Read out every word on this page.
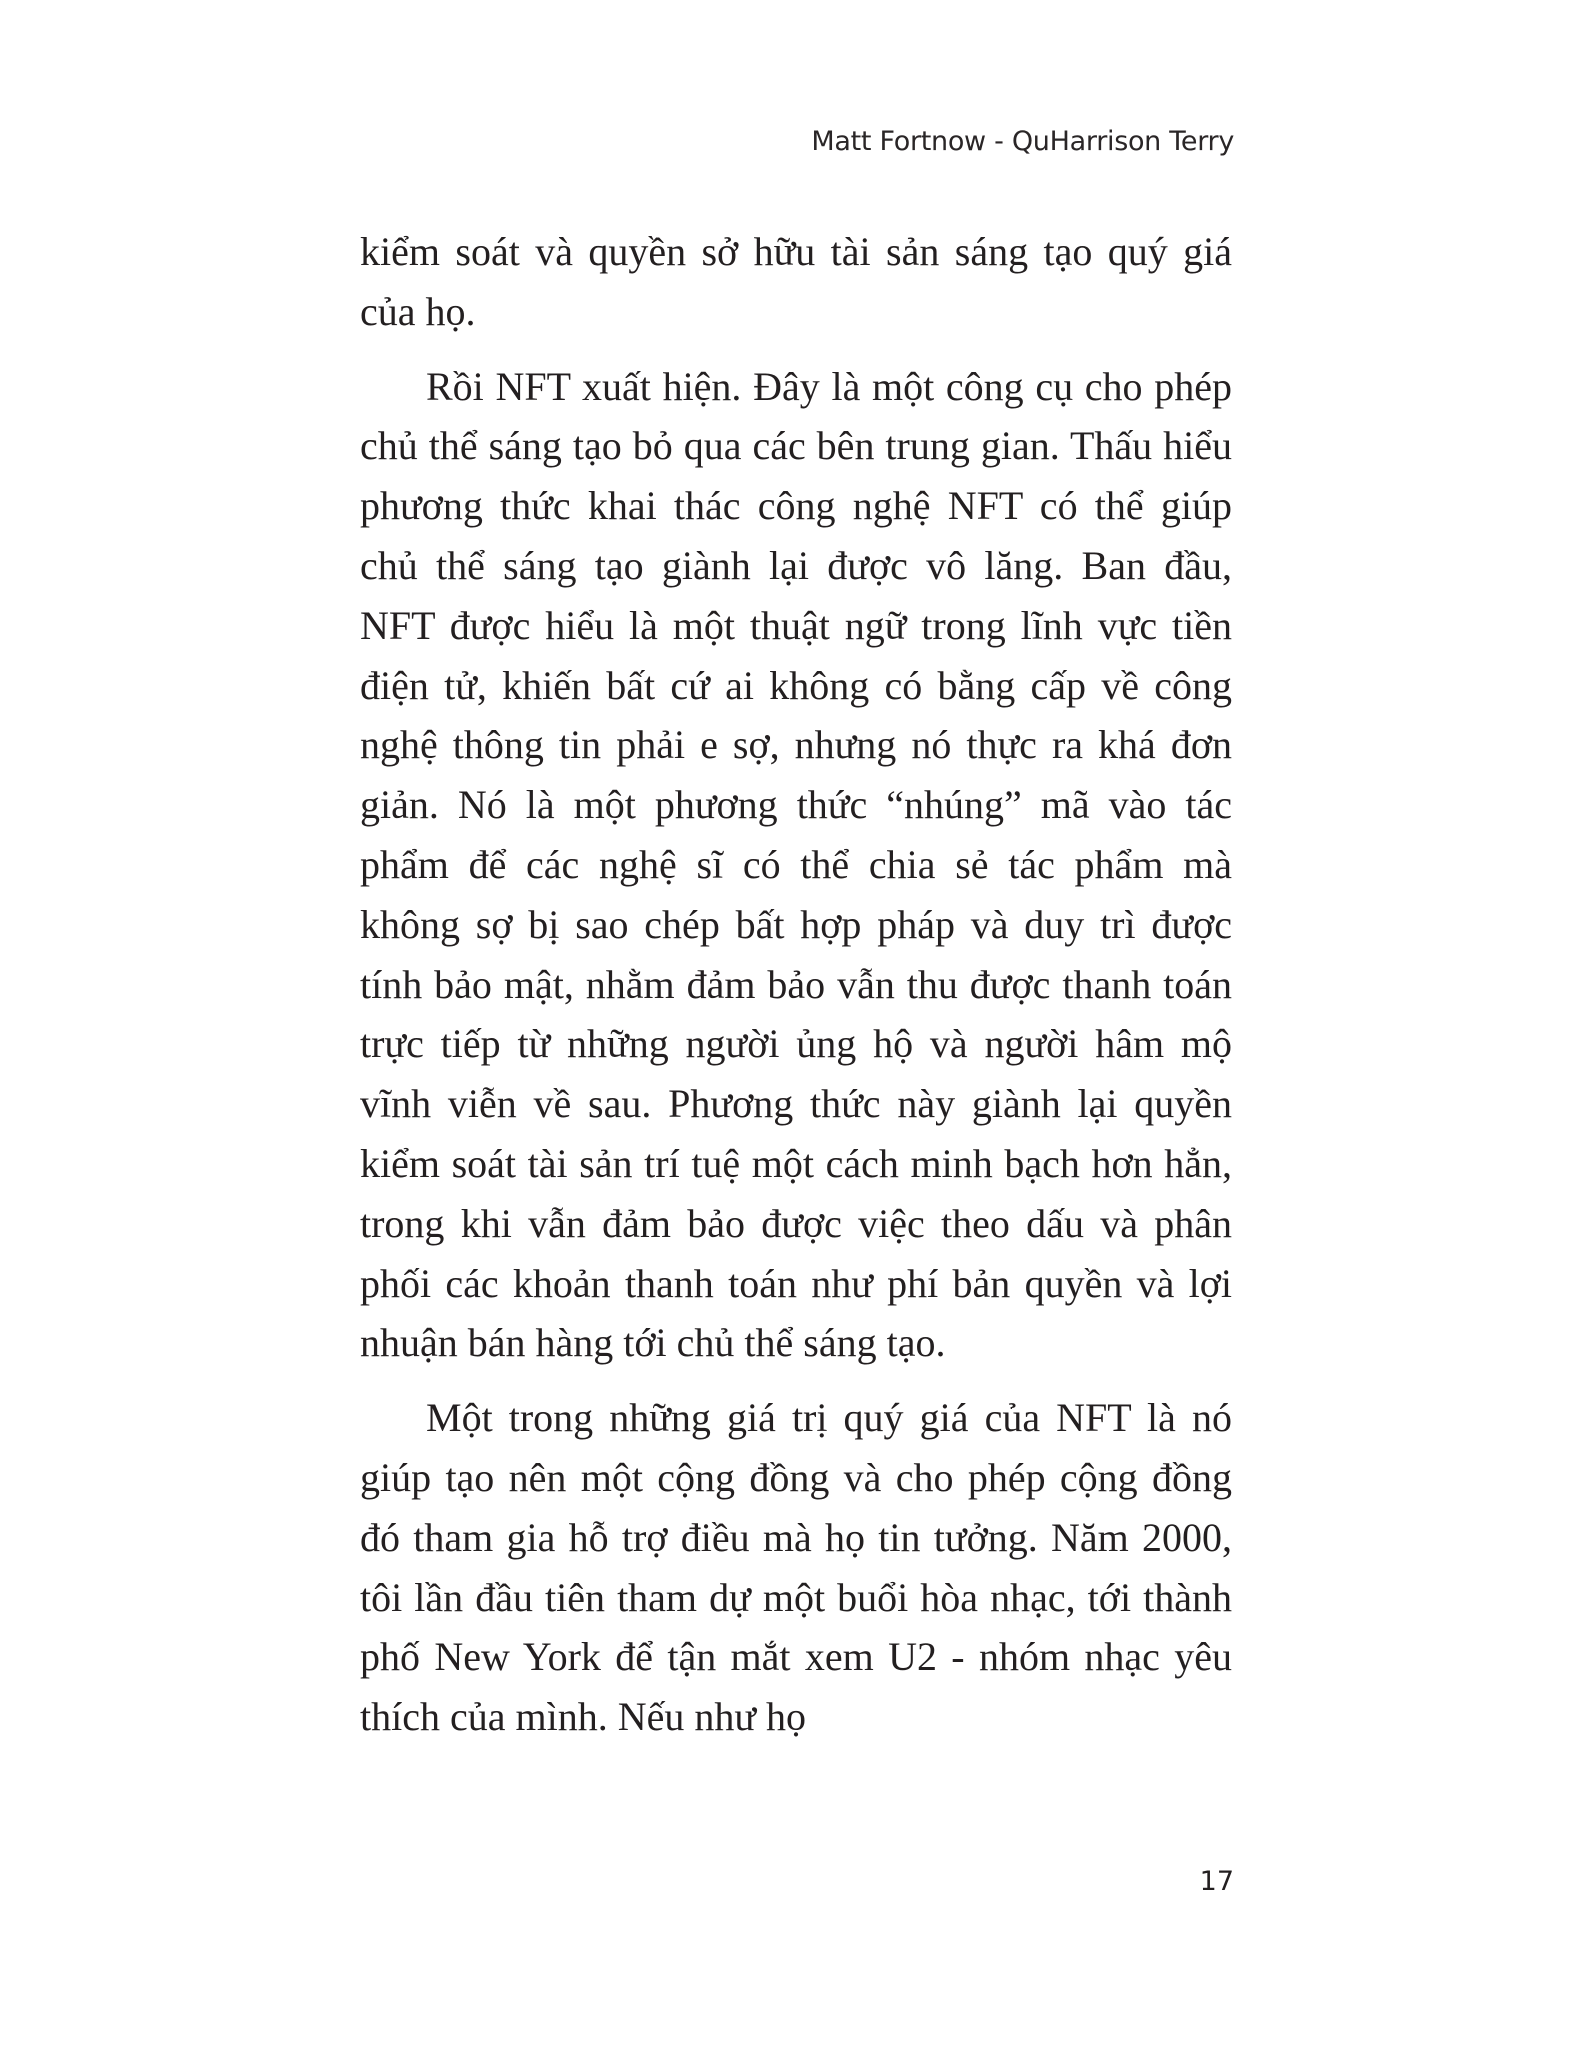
Matt Fortnow - QuHarrison Terry

kiểm soát và quyền sở hữu tài sản sáng tạo quý giá của họ.

Rồi NFT xuất hiện. Đây là một công cụ cho phép chủ thể sáng tạo bỏ qua các bên trung gian. Thấu hiểu phương thức khai thác công nghệ NFT có thể giúp chủ thể sáng tạo giành lại được vô lăng. Ban đầu, NFT được hiểu là một thuật ngữ trong lĩnh vực tiền điện tử, khiến bất cứ ai không có bằng cấp về công nghệ thông tin phải e sợ, nhưng nó thực ra khá đơn giản. Nó là một phương thức “nhúng” mã vào tác phẩm để các nghệ sĩ có thể chia sẻ tác phẩm mà không sợ bị sao chép bất hợp pháp và duy trì được tính bảo mật, nhằm đảm bảo vẫn thu được thanh toán trực tiếp từ những người ủng hộ và người hâm mộ vĩnh viễn về sau. Phương thức này giành lại quyền kiểm soát tài sản trí tuệ một cách minh bạch hơn hẳn, trong khi vẫn đảm bảo được việc theo dấu và phân phối các khoản thanh toán như phí bản quyền và lợi nhuận bán hàng tới chủ thể sáng tạo.

Một trong những giá trị quý giá của NFT là nó giúp tạo nên một cộng đồng và cho phép cộng đồng đó tham gia hỗ trợ điều mà họ tin tưởng. Năm 2000, tôi lần đầu tiên tham dự một buổi hòa nhạc, tới thành phố New York để tận mắt xem U2 - nhóm nhạc yêu thích của mình. Nếu như họ

17
